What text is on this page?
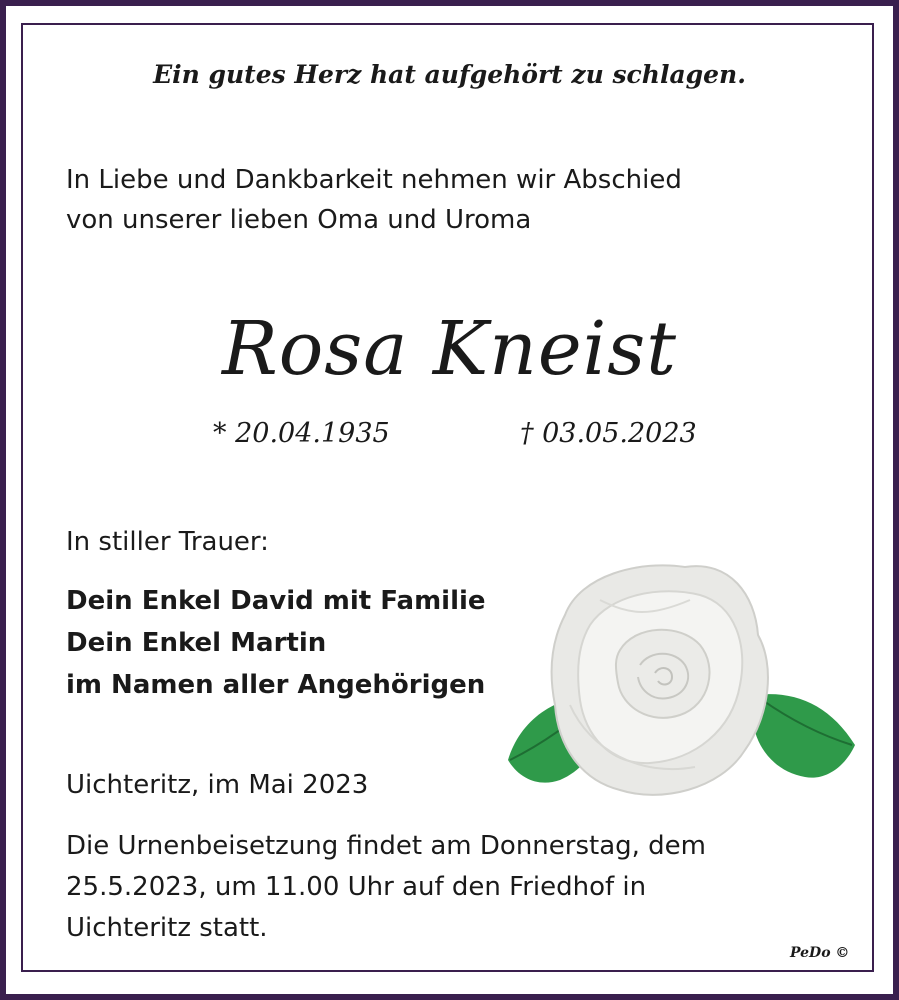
Ein gutes Herz hat aufgehört zu schlagen.
In Liebe und Dankbarkeit nehmen wir Abschied
von unserer lieben Oma und Uroma
Rosa Kneist
* 20.04.1935	† 03.05.2023
In stiller Trauer:
Dein Enkel David mit Familie
Dein Enkel Martin
im Namen aller Angehörigen
Uichteritz, im Mai 2023
Die Urnenbeisetzung findet am Donnerstag, dem
25.5.2023, um 11.00 Uhr auf den Friedhof in
Uichteritz statt.
PeDo ©
